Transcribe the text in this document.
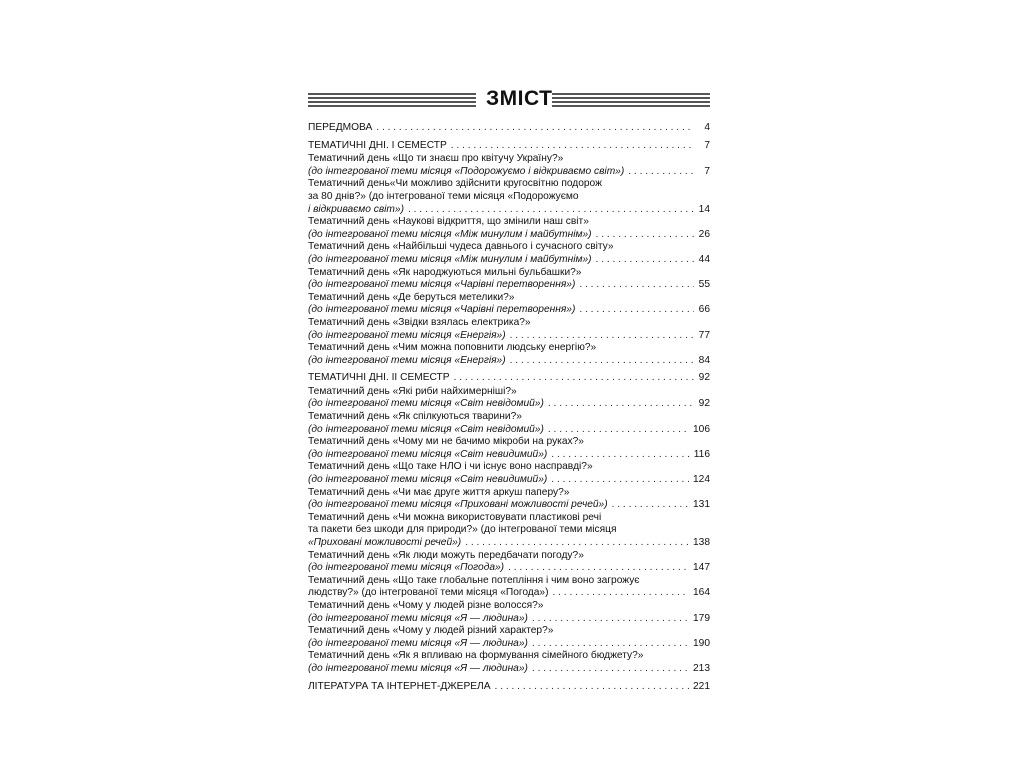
ЗМІСТ
ПЕРЕДМОВА . . .	4
ТЕМАТИЧНІ ДНІ. І СЕМЕСТР . . .	7
Тематичний день «Що ти знаєш про квітучу Україну?»
(до інтегрованої теми місяця «Подорожуємо і відкриваємо світ») . . .	7
Тематичний день«Чи можливо здійснити кругосвітню подорож
за 80 днів?» (до інтегрованої теми місяця «Подорожуємо
і відкриваємо світ») . . .	14
Тематичний день «Наукові відкриття, що змінили наш світ»
(до інтегрованої теми місяця «Між минулим і майбутнім») . . .	26
Тематичний день «Найбільші чудеса давнього і сучасного світу»
(до інтегрованої теми місяця «Між минулим і майбутнім») . . .	44
Тематичний день «Як народжуються мильні бульбашки?»
(до інтегрованої теми місяця «Чарівні перетворення») . . .	55
Тематичний день «Де беруться метелики?»
(до інтегрованої теми місяця «Чарівні перетворення») . . .	66
Тематичний день «Звідки взялась електрика?»
(до інтегрованої теми місяця «Енергія») . . .	77
Тематичний день «Чим можна поповнити людську енергію?»
(до інтегрованої теми місяця «Енергія») . . .	84
ТЕМАТИЧНІ ДНІ. ІІ СЕМЕСТР . . .	92
Тематичний день «Які риби найхимерніші?»
(до інтегрованої теми місяця «Світ невідомий») . . .	92
Тематичний день «Як спілкуються тварини?»
(до інтегрованої теми місяця «Світ невідомий») . . .	106
Тематичний день «Чому ми не бачимо мікроби на руках?»
(до інтегрованої теми місяця «Світ невидимий») . . .	116
Тематичний день «Що таке НЛО і чи існує воно насправді?»
(до інтегрованої теми місяця «Світ невидимий») . . .	124
Тематичний день «Чи має друге життя аркуш паперу?»
(до інтегрованої теми місяця «Приховані можливості речей») . . .	131
Тематичний день «Чи можна використовувати пластикові речі
та пакети без шкоди для природи?» (до інтегрованої теми місяця
«Приховані можливості речей») . . .	138
Тематичний день «Як люди можуть передбачати погоду?»
(до інтегрованої теми місяця «Погода») . . .	147
Тематичний день «Що таке глобальне потепління і чим воно загрожує
людству?» (до інтегрованої теми місяця «Погода») . . .	164
Тематичний день «Чому у людей різне волосся?»
(до інтегрованої теми місяця «Я — людина») . . .	179
Тематичний день «Чому у людей різний характер?»
(до інтегрованої теми місяця «Я — людина») . . .	190
Тематичний день «Як я впливаю на формування сімейного бюджету?»
(до інтегрованої теми місяця «Я — людина») . . .	213
ЛІТЕРАТУРА ТА ІНТЕРНЕТ-ДЖЕРЕЛА . . .	221
